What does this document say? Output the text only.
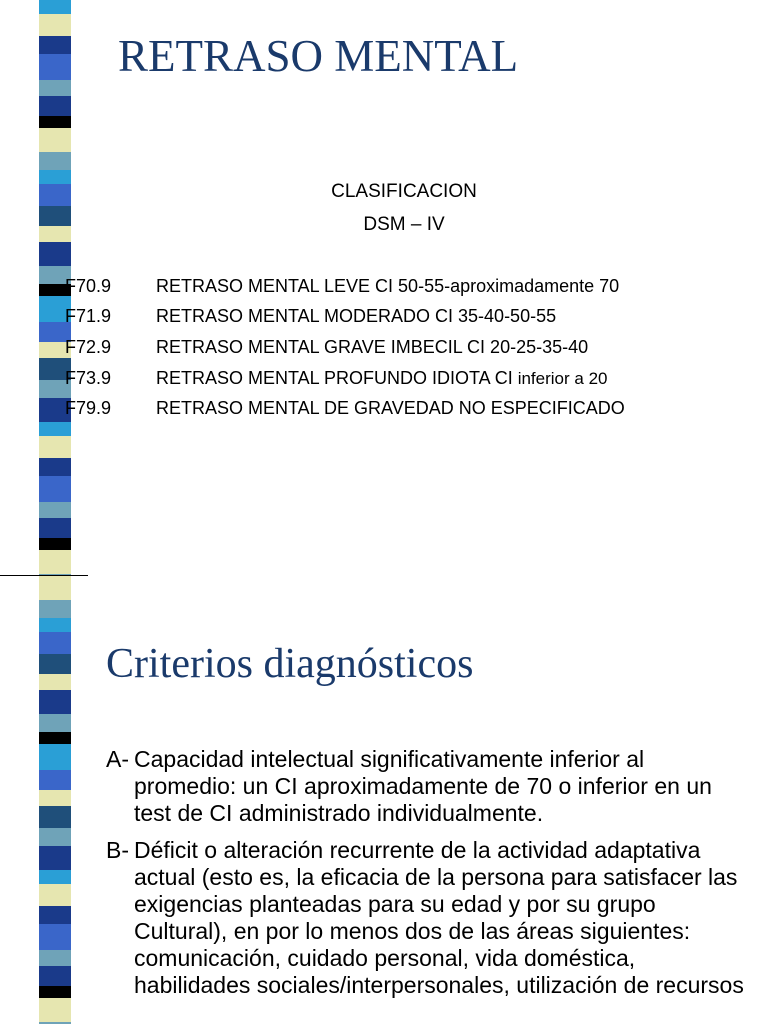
RETRASO MENTAL
CLASIFICACION
DSM – IV
F70.9 RETRASO MENTAL LEVE CI 50-55-aproximadamente 70
F71.9 RETRASO MENTAL MODERADO CI 35-40-50-55
F72.9 RETRASO MENTAL GRAVE IMBECIL CI 20-25-35-40
F73.9 RETRASO MENTAL PROFUNDO IDIOTA CI inferior a 20
F79.9 RETRASO MENTAL DE GRAVEDAD NO ESPECIFICADO
Criterios diagnósticos
A- Capacidad intelectual significativamente inferior al promedio: un CI aproximadamente de 70 o inferior en un test de CI administrado individualmente.
B- Déficit o alteración recurrente de la actividad adaptativa actual (esto es, la eficacia de la persona para satisfacer las exigencias planteadas para su edad y por su grupo Cultural), en por lo menos dos de las áreas siguientes: comunicación, cuidado personal, vida doméstica, habilidades sociales/interpersonales, utilización de recursos
